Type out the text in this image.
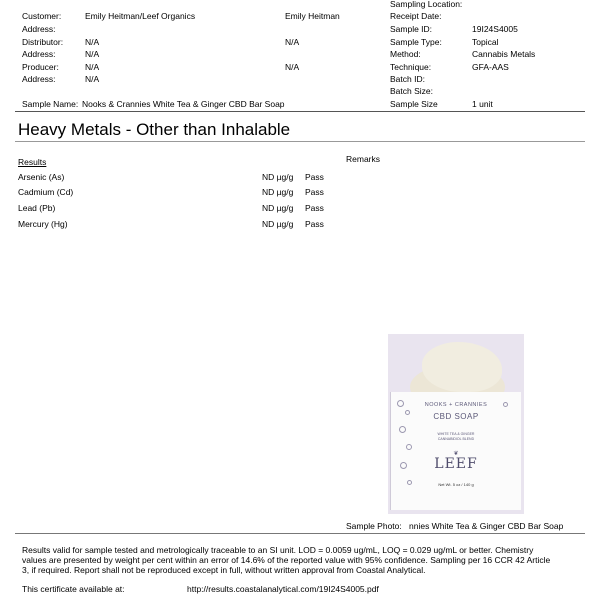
Customer:	Emily Heitman/Leef Organics	Emily Heitman
Address:
Distributor:	N/A	N/A
Address:	N/A
Producer:	N/A	N/A
Address:	N/A
Sample Name: Nooks & Crannies White Tea & Ginger CBD Bar Soap
Sampling Location:
Receipt Date:
Sample ID:	19I24S4005
Sample Type:	Topical
Method:	Cannabis Metals
Technique:	GFA-AAS
Batch ID:
Batch Size:
Sample Size	1 unit
Heavy Metals - Other than Inhalable
Results	Remarks
Arsenic (As)	ND µg/g Pass
Cadmium (Cd)	ND µg/g Pass
Lead (Pb)	ND µg/g Pass
Mercury (Hg)	ND µg/g Pass
NOOKS + CRANNIES
CBD SOAP
WHITE TEA & GINGER
CANNABIDIOL BLEND
❦
LEEF
Net Wt. 5 oz / 140 g
Sample Photo: nnies White Tea & Ginger CBD Bar Soap
Results valid for sample tested and metrologically traceable to an SI unit. LOD = 0.0059 ug/mL, LOQ = 0.029 ug/mL or better. Chemistry
values are presented by weight per cent within an error of 14.6% of the reported value with 95% confidence. Sampling per 16 CCR 42 Article
3, if required. Report shall not be reproduced except in full, without written approval from Coastal Analytical.
This certificate available at:	http://results.coastalanalytical.com/19I24S4005.pdf
